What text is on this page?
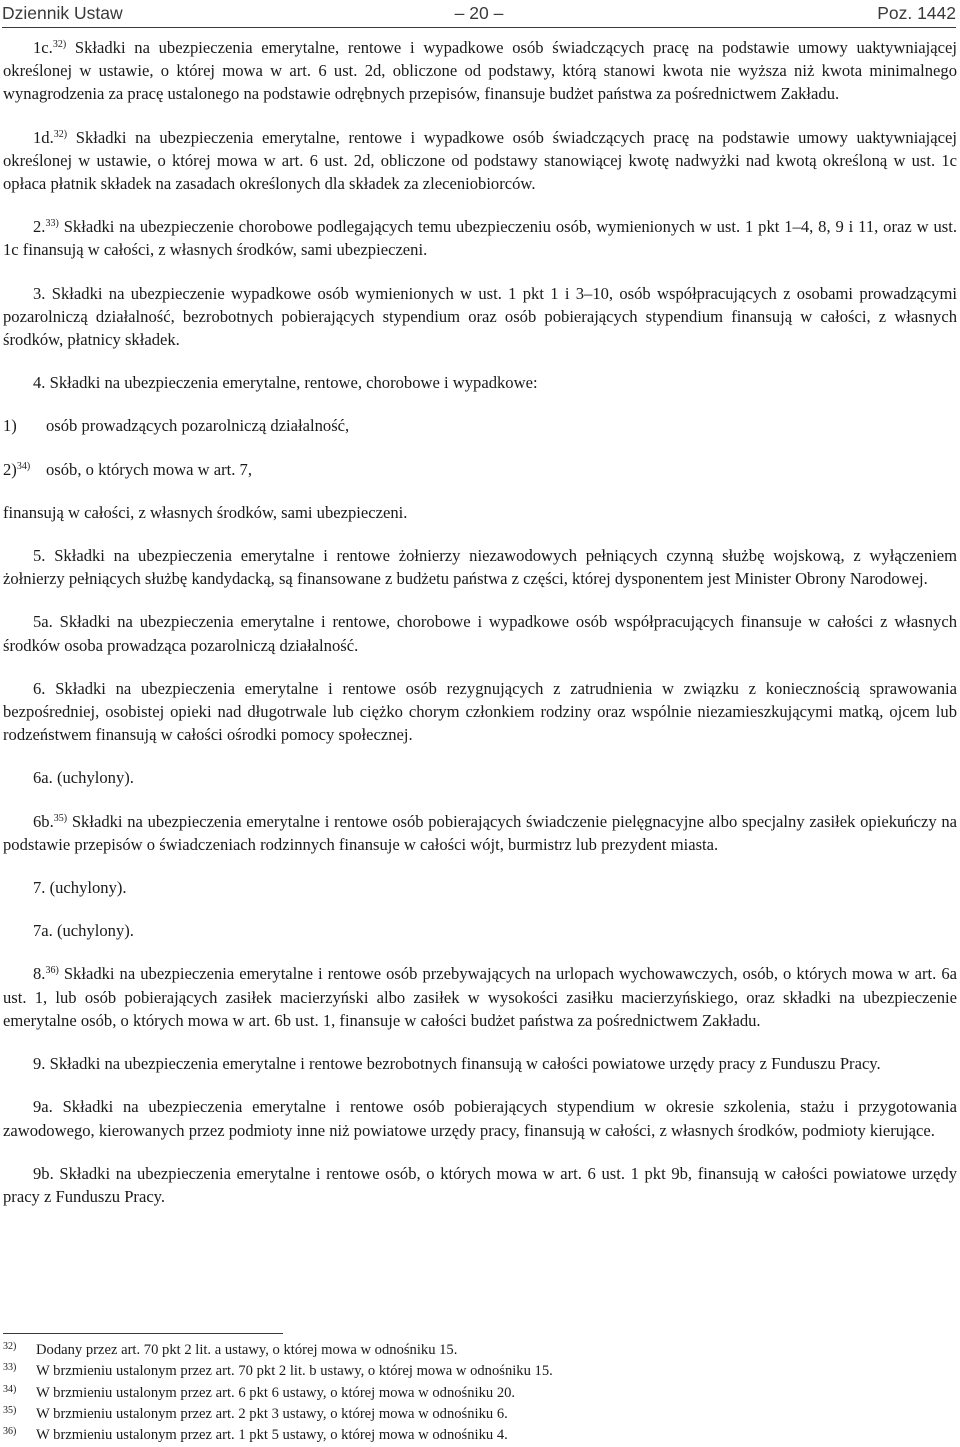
Dziennik Ustaw	– 20 –	Poz. 1442

1c.$^{32)}$ Składki na ubezpieczenia emerytalne, rentowe i wypadkowe osób świadczących pracę na podstawie umowy uaktywniającej określonej w ustawie, o której mowa w art. 6 ust. 2d, obliczone od podstawy, którą stanowi kwota nie wyższa niż kwota minimalnego wynagrodzenia za pracę ustalonego na podstawie odrębnych przepisów, finansuje budżet państwa za pośrednictwem Zakładu.

1d.$^{32)}$ Składki na ubezpieczenia emerytalne, rentowe i wypadkowe osób świadczących pracę na podstawie umowy uaktywniającej określonej w ustawie, o której mowa w art. 6 ust. 2d, obliczone od podstawy stanowiącej kwotę nadwyżki nad kwotą określoną w ust. 1c opłaca płatnik składek na zasadach określonych dla składek za zleceniobiorców.

2.$^{33)}$ Składki na ubezpieczenie chorobowe podlegających temu ubezpieczeniu osób, wymienionych w ust. 1 pkt 1–4, 8, 9 i 11, oraz w ust. 1c finansują w całości, z własnych środków, sami ubezpieczeni.

3. Składki na ubezpieczenie wypadkowe osób wymienionych w ust. 1 pkt 1 i 3–10, osób współpracujących z osobami prowadzącymi pozarolniczą działalność, bezrobotnych pobierających stypendium oraz osób pobierających stypendium finansują w całości, z własnych środków, płatnicy składek.

4. Składki na ubezpieczenia emerytalne, rentowe, chorobowe i wypadkowe:

1) osób prowadzących pozarolniczą działalność,

2)$^{34)}$ osób, o których mowa w art. 7,

finansują w całości, z własnych środków, sami ubezpieczeni.

5. Składki na ubezpieczenia emerytalne i rentowe żołnierzy niezawodowych pełniących czynną służbę wojskową, z wyłączeniem żołnierzy pełniących służbę kandydacką, są finansowane z budżetu państwa z części, której dysponentem jest Minister Obrony Narodowej.

5a. Składki na ubezpieczenia emerytalne i rentowe, chorobowe i wypadkowe osób współpracujących finansuje w całości z własnych środków osoba prowadząca pozarolniczą działalność.

6. Składki na ubezpieczenia emerytalne i rentowe osób rezygnujących z zatrudnienia w związku z koniecznością sprawowania bezpośredniej, osobistej opieki nad długotrwale lub ciężko chorym członkiem rodziny oraz wspólnie niezamieszkującymi matką, ojcem lub rodzeństwem finansują w całości ośrodki pomocy społecznej.

6a. (uchylony).

6b.$^{35)}$ Składki na ubezpieczenia emerytalne i rentowe osób pobierających świadczenie pielęgnacyjne albo specjalny zasiłek opiekuńczy na podstawie przepisów o świadczeniach rodzinnych finansuje w całości wójt, burmistrz lub prezydent miasta.

7. (uchylony).

7a. (uchylony).

8.$^{36)}$ Składki na ubezpieczenia emerytalne i rentowe osób przebywających na urlopach wychowawczych, osób, o których mowa w art. 6a ust. 1, lub osób pobierających zasiłek macierzyński albo zasiłek w wysokości zasiłku macierzyńskiego, oraz składki na ubezpieczenie emerytalne osób, o których mowa w art. 6b ust. 1, finansuje w całości budżet państwa za pośrednictwem Zakładu.

9. Składki na ubezpieczenia emerytalne i rentowe bezrobotnych finansują w całości powiatowe urzędy pracy z Funduszu Pracy.

9a. Składki na ubezpieczenia emerytalne i rentowe osób pobierających stypendium w okresie szkolenia, stażu i przygotowania zawodowego, kierowanych przez podmioty inne niż powiatowe urzędy pracy, finansują w całości, z własnych środków, podmioty kierujące.

9b. Składki na ubezpieczenia emerytalne i rentowe osób, o których mowa w art. 6 ust. 1 pkt 9b, finansują w całości powiatowe urzędy pracy z Funduszu Pracy.

32) Dodany przez art. 70 pkt 2 lit. a ustawy, o której mowa w odnośniku 15.
33) W brzmieniu ustalonym przez art. 70 pkt 2 lit. b ustawy, o której mowa w odnośniku 15.
34) W brzmieniu ustalonym przez art. 6 pkt 6 ustawy, o której mowa w odnośniku 20.
35) W brzmieniu ustalonym przez art. 2 pkt 3 ustawy, o której mowa w odnośniku 6.
36) W brzmieniu ustalonym przez art. 1 pkt 5 ustawy, o której mowa w odnośniku 4.
